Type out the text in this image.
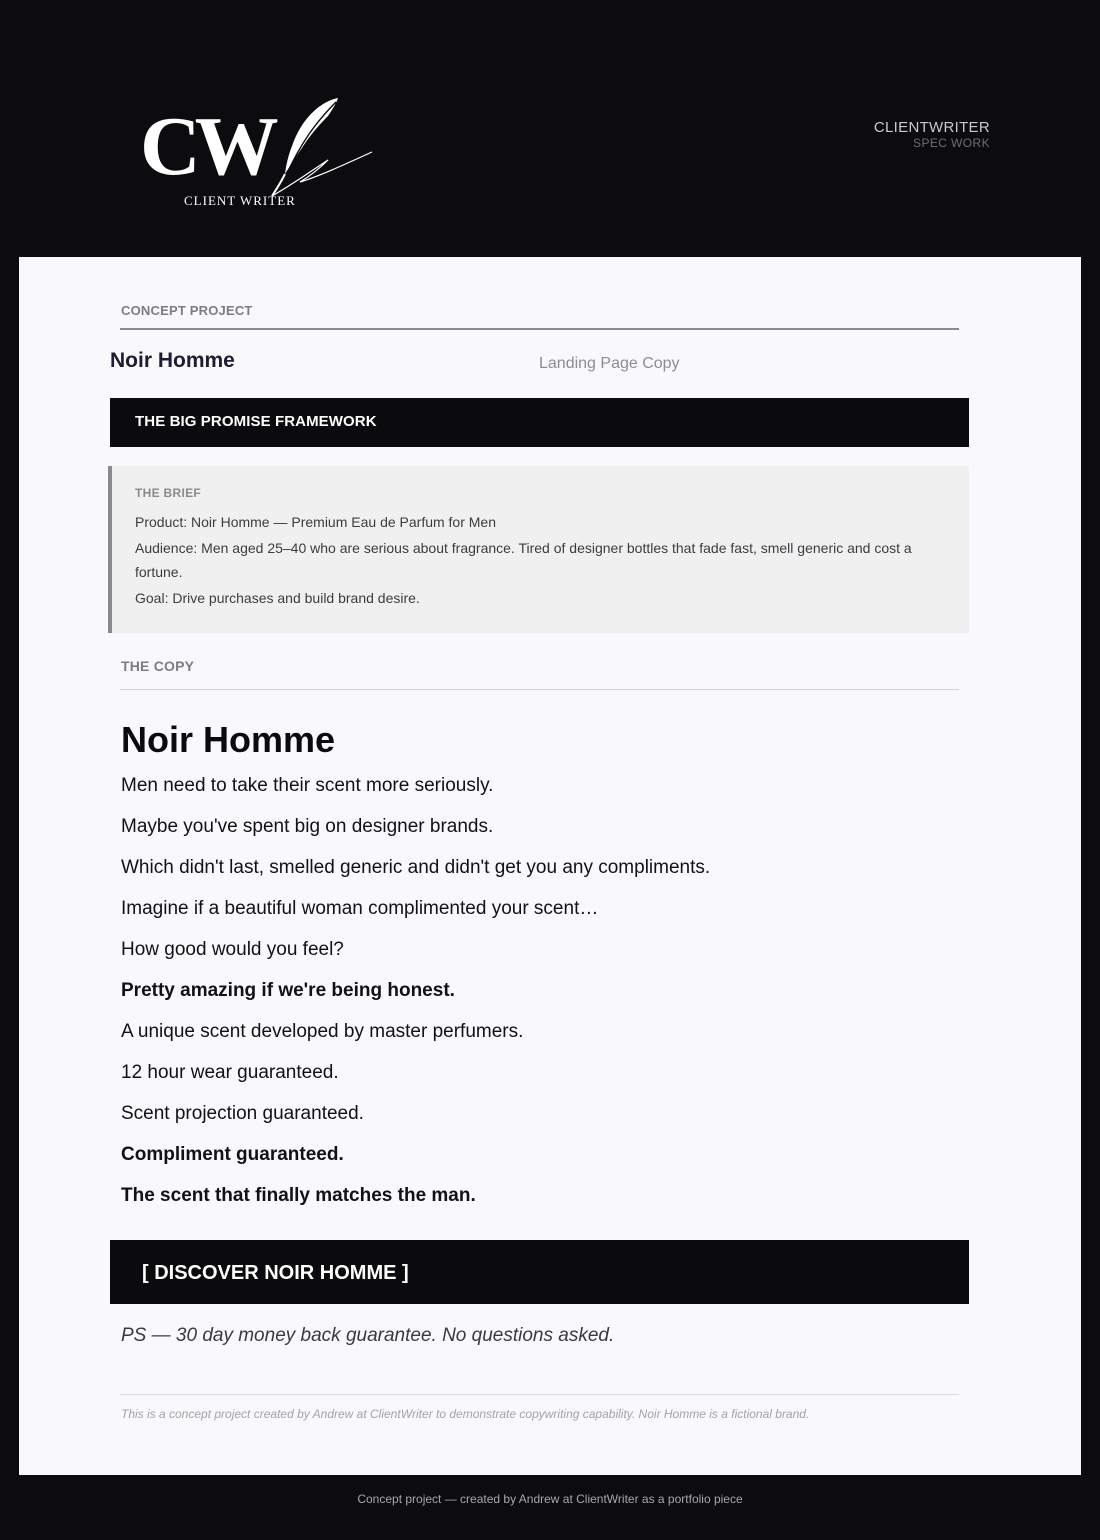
CW
CLIENT WRITER
CLIENTWRITER
SPEC WORK
CONCEPT PROJECT
Noir Homme	Landing Page Copy
THE BIG PROMISE FRAMEWORK
THE BRIEF

Product: Noir Homme — Premium Eau de Parfum for Men

Audience: Men aged 25–40 who are serious about fragrance. Tired of designer bottles that fade fast, smell generic and cost a fortune.

Goal: Drive purchases and build brand desire.

THE COPY
Noir Homme
Men need to take their scent more seriously.
Maybe you've spent big on designer brands.
Which didn't last, smelled generic and didn't get you any compliments.
Imagine if a beautiful woman complimented your scent…
How good would you feel?
Pretty amazing if we're being honest.
A unique scent developed by master perfumers.
12 hour wear guaranteed.
Scent projection guaranteed.
Compliment guaranteed.
The scent that finally matches the man.
[ DISCOVER NOIR HOMME ]
PS — 30 day money back guarantee. No questions asked.
This is a concept project created by Andrew at ClientWriter to demonstrate copywriting capability. Noir Homme is a fictional brand.
Concept project — created by Andrew at ClientWriter as a portfolio piece
